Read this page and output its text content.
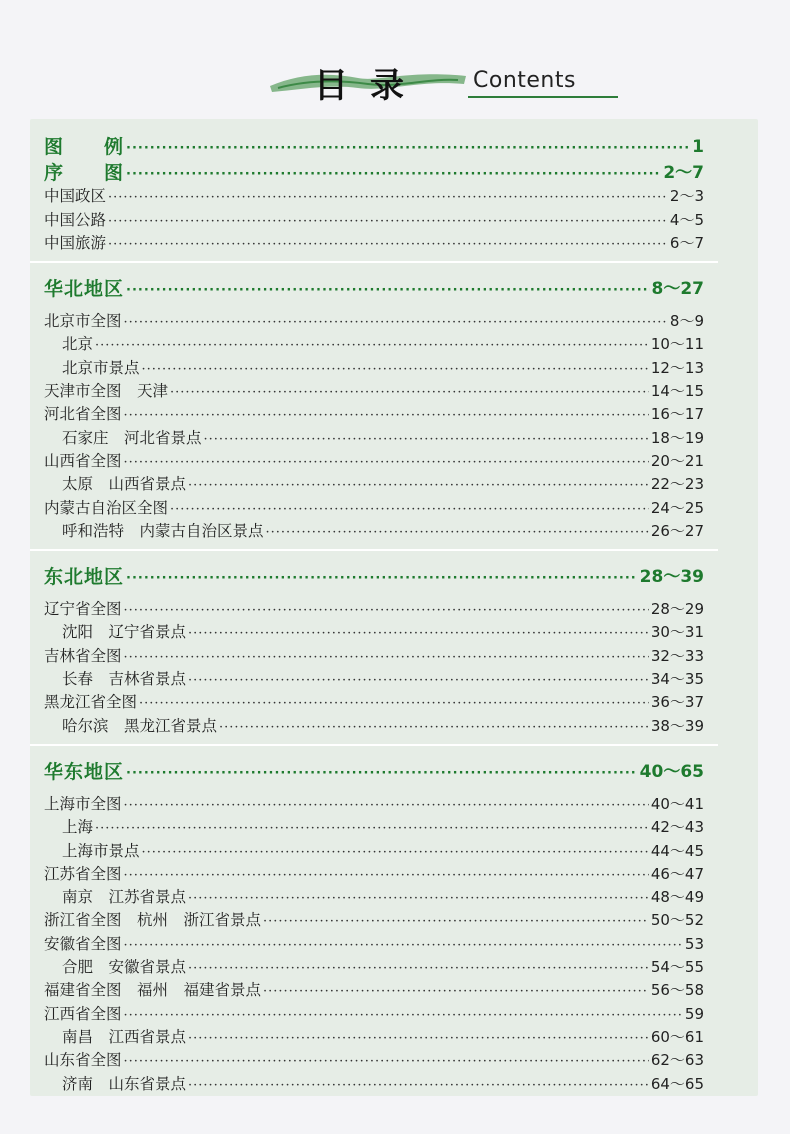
目录 Contents
图　　例 ·····	1
序　　图 ·····	2～7
中国政区 ·····	2～3
中国公路 ·····	4～5
中国旅游 ·····	6～7
华北地区 ·····	8～27
北京市全图 ·····	8～9
北京 ·····	10～11
北京市景点 ·····	12～13
天津市全图　天津 ·····	14～15
河北省全图 ·····	16～17
石家庄　河北省景点 ·····	18～19
山西省全图 ·····	20～21
太原　山西省景点 ·····	22～23
内蒙古自治区全图 ·····	24～25
呼和浩特　内蒙古自治区景点 ·····	26～27
东北地区 ·····	28～39
辽宁省全图 ·····	28～29
沈阳　辽宁省景点 ·····	30～31
吉林省全图 ·····	32～33
长春　吉林省景点 ·····	34～35
黑龙江省全图 ·····	36～37
哈尔滨　黑龙江省景点 ·····	38～39
华东地区 ·····	40～65
上海市全图 ·····	40～41
上海 ·····	42～43
上海市景点 ·····	44～45
江苏省全图 ·····	46～47
南京　江苏省景点 ·····	48～49
浙江省全图　杭州　浙江省景点 ·····	50～52
安徽省全图 ·····	53
合肥　安徽省景点 ·····	54～55
福建省全图　福州　福建省景点 ·····	56～58
江西省全图 ·····	59
南昌　江西省景点 ·····	60～61
山东省全图 ·····	62～63
济南　山东省景点 ·····	64～65
